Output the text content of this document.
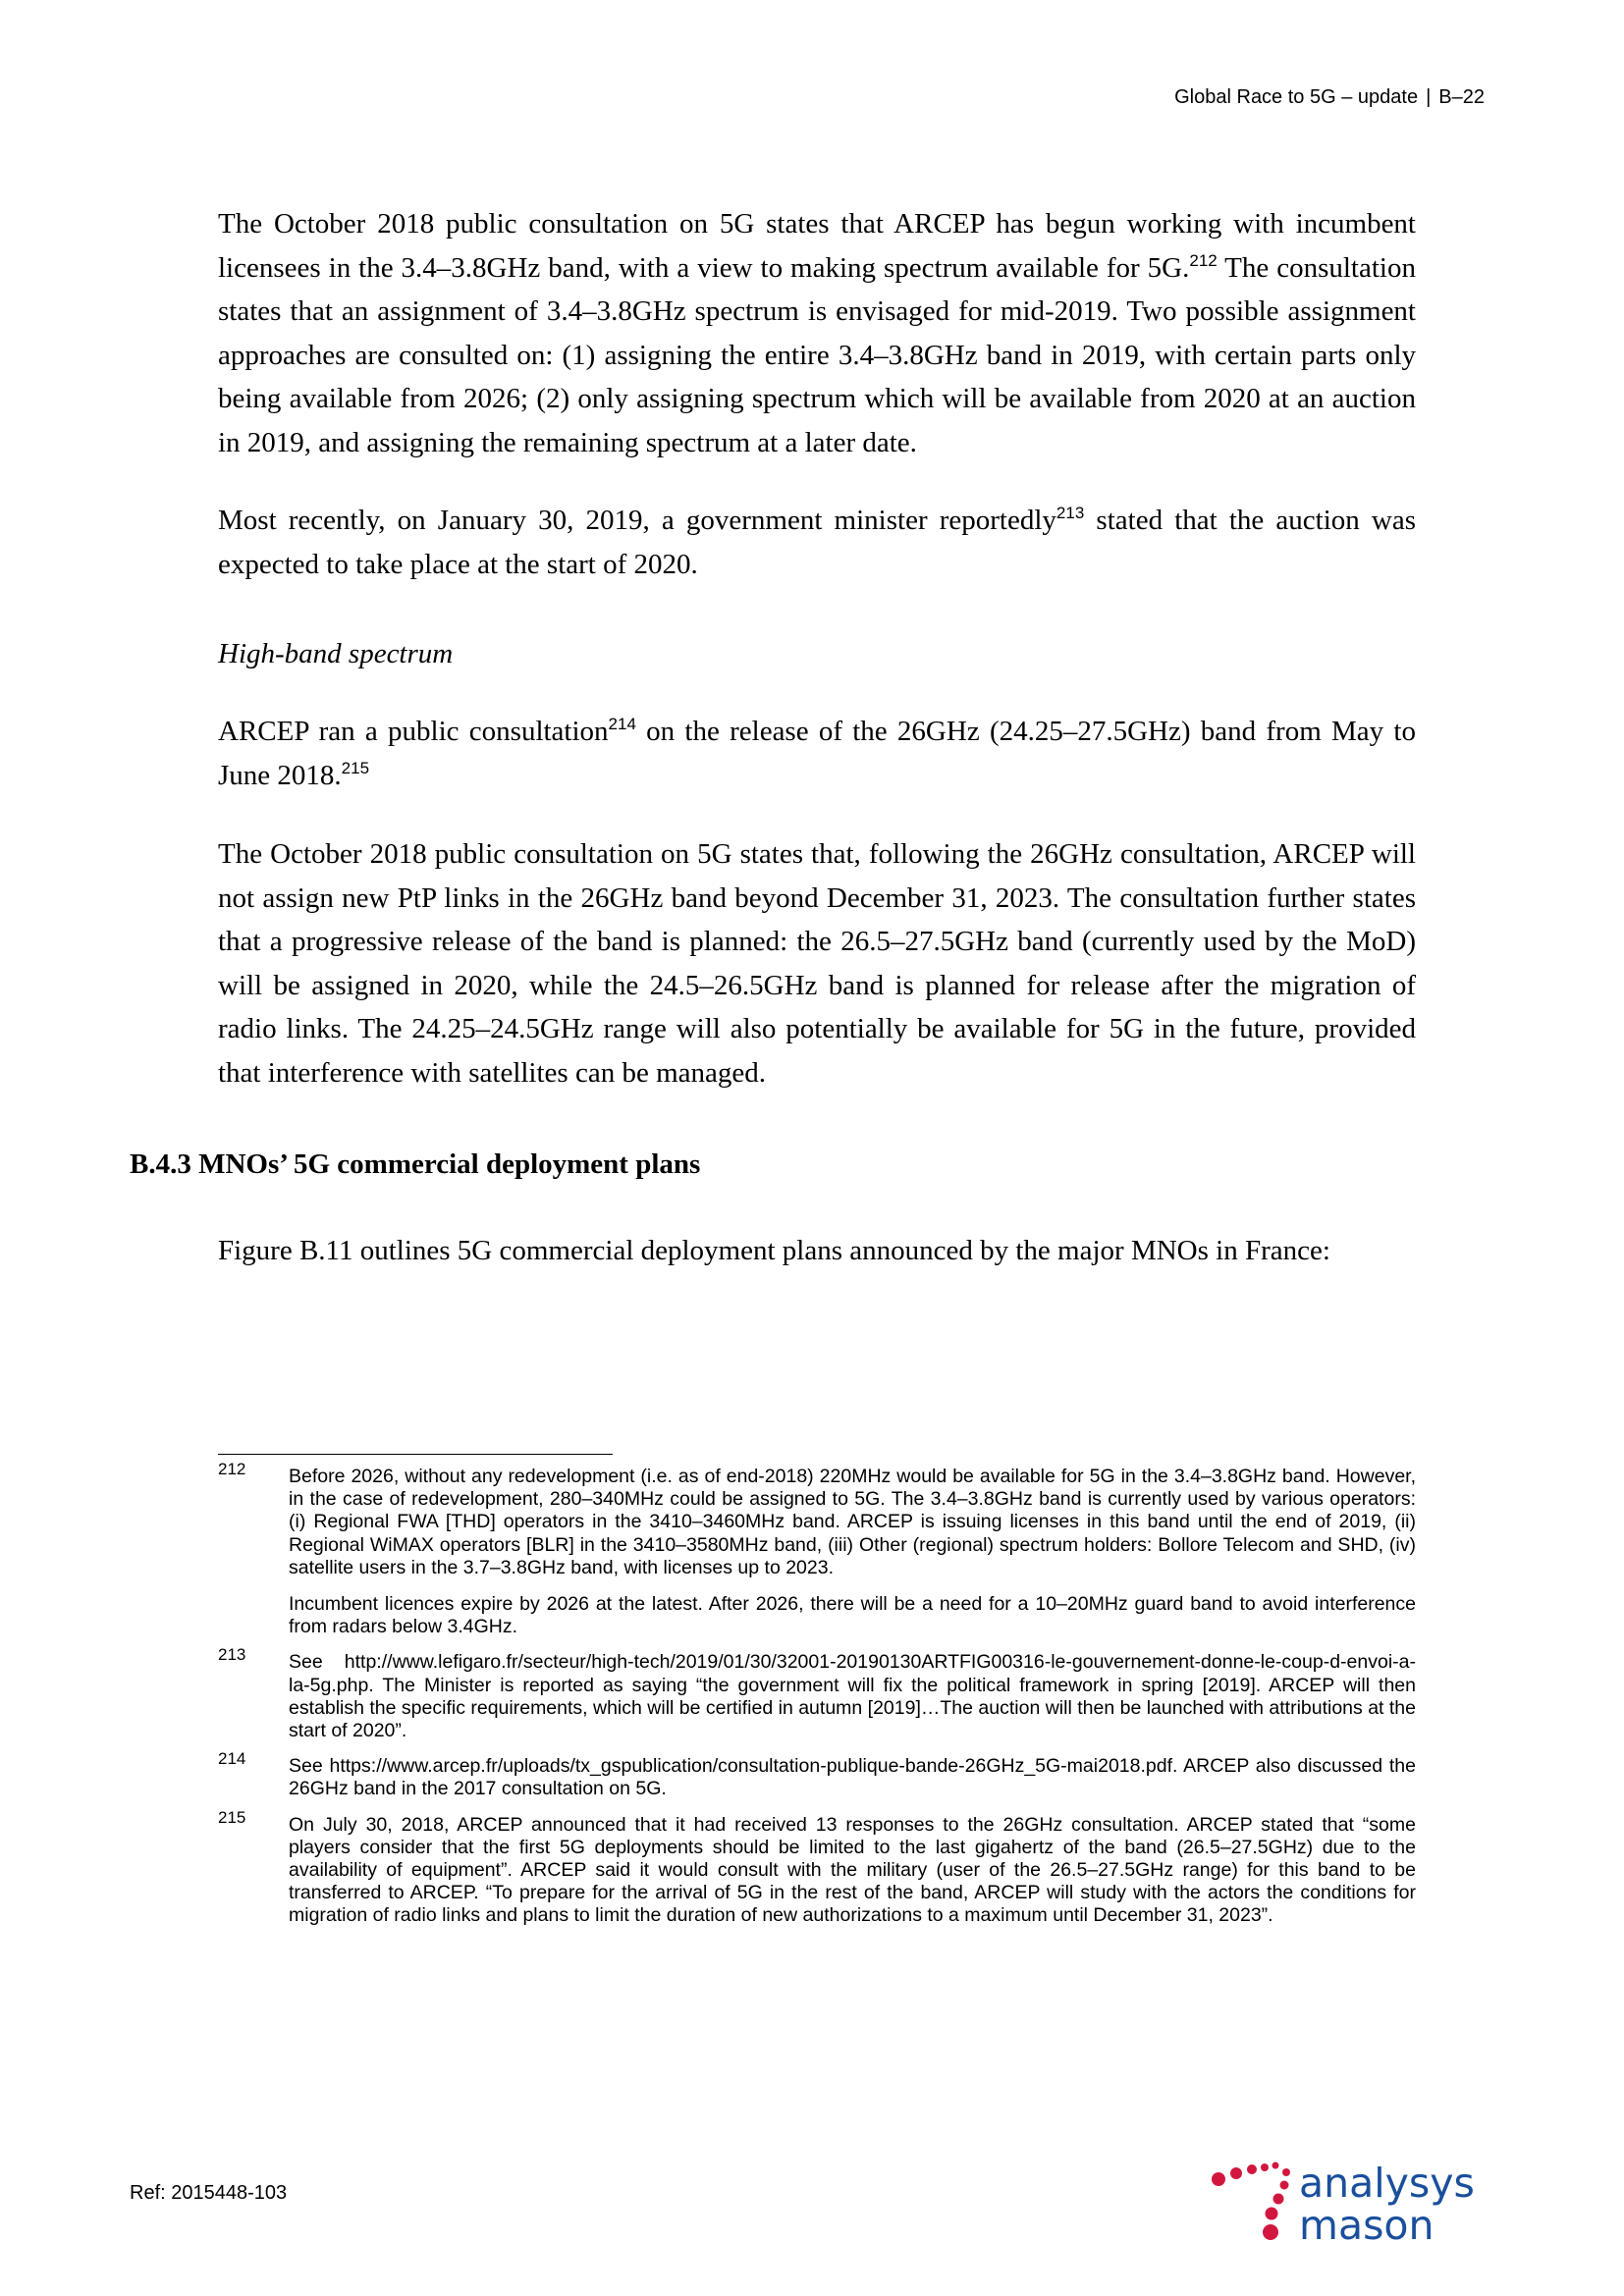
Global Race to 5G – update | B–22

The October 2018 public consultation on 5G states that ARCEP has begun working with incumbent licensees in the 3.4–3.8GHz band, with a view to making spectrum available for 5G.$^{212}$ The consultation states that an assignment of 3.4–3.8GHz spectrum is envisaged for mid-2019. Two possible assignment approaches are consulted on: (1) assigning the entire 3.4–3.8GHz band in 2019, with certain parts only being available from 2026; (2) only assigning spectrum which will be available from 2020 at an auction in 2019, and assigning the remaining spectrum at a later date.

Most recently, on January 30, 2019, a government minister reportedly$^{213}$ stated that the auction was expected to take place at the start of 2020.

High-band spectrum

ARCEP ran a public consultation$^{214}$ on the release of the 26GHz (24.25–27.5GHz) band from May to June 2018.$^{215}$

The October 2018 public consultation on 5G states that, following the 26GHz consultation, ARCEP will not assign new PtP links in the 26GHz band beyond December 31, 2023. The consultation further states that a progressive release of the band is planned: the 26.5–27.5GHz band (currently used by the MoD) will be assigned in 2020, while the 24.5–26.5GHz band is planned for release after the migration of radio links. The 24.25–24.5GHz range will also potentially be available for 5G in the future, provided that interference with satellites can be managed.

B.4.3 MNOs’ 5G commercial deployment plans

Figure B.11 outlines 5G commercial deployment plans announced by the major MNOs in France:

212 Before 2026, without any redevelopment (i.e. as of end-2018) 220MHz would be available for 5G in the 3.4–3.8GHz band. However, in the case of redevelopment, 280–340MHz could be assigned to 5G. The 3.4–3.8GHz band is currently used by various operators: (i) Regional FWA [THD] operators in the 3410–3460MHz band. ARCEP is issuing licenses in this band until the end of 2019, (ii) Regional WiMAX operators [BLR] in the 3410–3580MHz band, (iii) Other (regional) spectrum holders: Bollore Telecom and SHD, (iv) satellite users in the 3.7–3.8GHz band, with licenses up to 2023.
Incumbent licences expire by 2026 at the latest. After 2026, there will be a need for a 10–20MHz guard band to avoid interference from radars below 3.4GHz.
213 See http://www.lefigaro.fr/secteur/high-tech/2019/01/30/32001-20190130ARTFIG00316-le-gouvernement-donne-le-coup-d-envoi-a-la-5g.php. The Minister is reported as saying “the government will fix the political framework in spring [2019]. ARCEP will then establish the specific requirements, which will be certified in autumn [2019]…The auction will then be launched with attributions at the start of 2020”.
214 See https://www.arcep.fr/uploads/tx_gspublication/consultation-publique-bande-26GHz_5G-mai2018.pdf. ARCEP also discussed the 26GHz band in the 2017 consultation on 5G.
215 On July 30, 2018, ARCEP announced that it had received 13 responses to the 26GHz consultation. ARCEP stated that “some players consider that the first 5G deployments should be limited to the last gigahertz of the band (26.5–27.5GHz) due to the availability of equipment”. ARCEP said it would consult with the military (user of the 26.5–27.5GHz range) for this band to be transferred to ARCEP. “To prepare for the arrival of 5G in the rest of the band, ARCEP will study with the actors the conditions for migration of radio links and plans to limit the duration of new authorizations to a maximum until December 31, 2023”.
Ref: 2015448-103	analysys
mason
